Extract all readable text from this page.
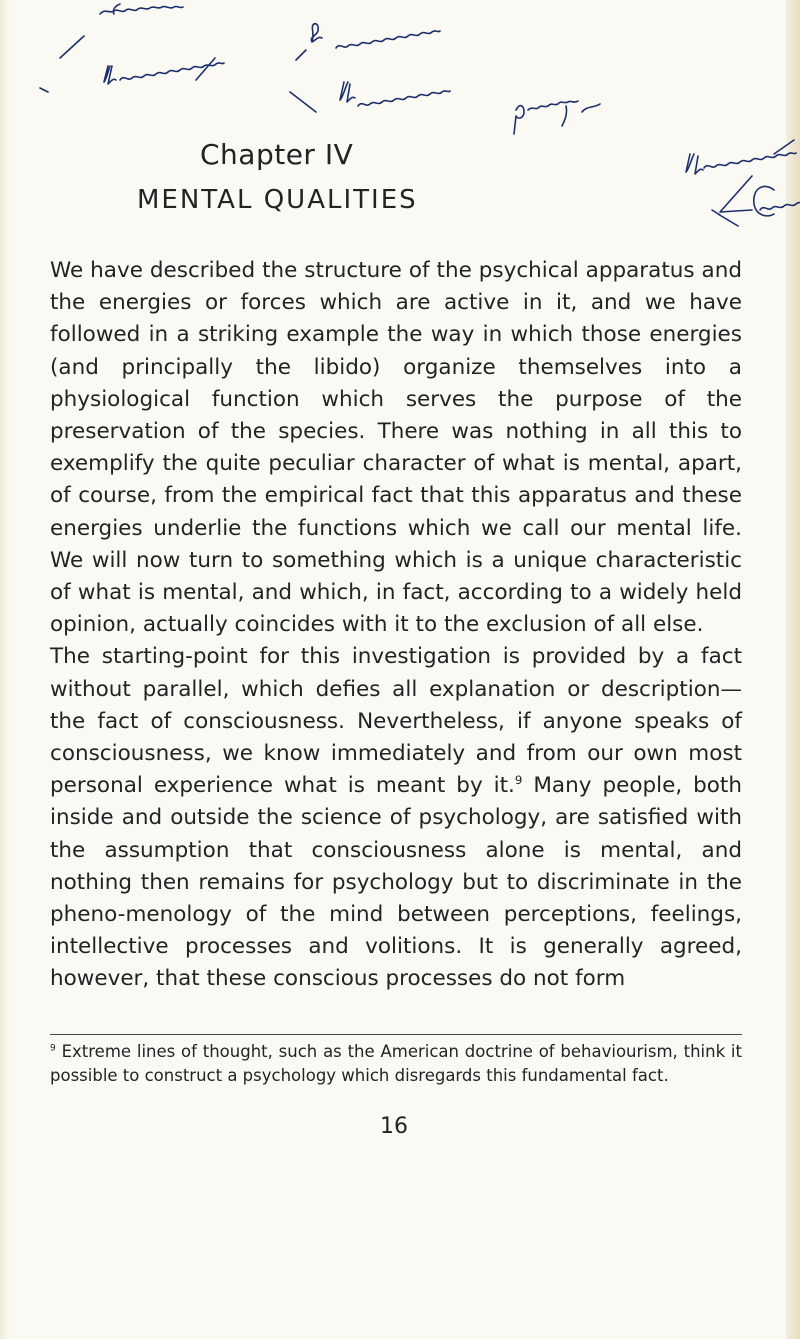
Chapter IV
MENTAL QUALITIES

We have described the structure of the psychical apparatus and the energies or forces which are active in it, and we have followed in a striking example the way in which those energies (and principally the libido) organize themselves into a physiological function which serves the purpose of the preservation of the species. There was nothing in all this to exemplify the quite peculiar character of what is mental, apart, of course, from the empirical fact that this apparatus and these energies underlie the functions which we call our mental life. We will now turn to something which is a unique characteristic of what is mental, and which, in fact, according to a widely held opinion, actually coincides with it to the exclusion of all else.

The starting-point for this investigation is provided by a fact without parallel, which defies all explanation or description—the fact of consciousness. Nevertheless, if anyone speaks of consciousness, we know immediately and from our own most personal experience what is meant by it.$^9$ Many people, both inside and outside the science of psychology, are satisfied with the assumption that consciousness alone is mental, and nothing then remains for psychology but to discriminate in the pheno-menology of the mind between perceptions, feelings, intellective processes and volitions. It is generally agreed, however, that these conscious processes do not form

$^9$ Extreme lines of thought, such as the American doctrine of behaviourism, think it possible to construct a psychology which disregards this fundamental fact.
16
